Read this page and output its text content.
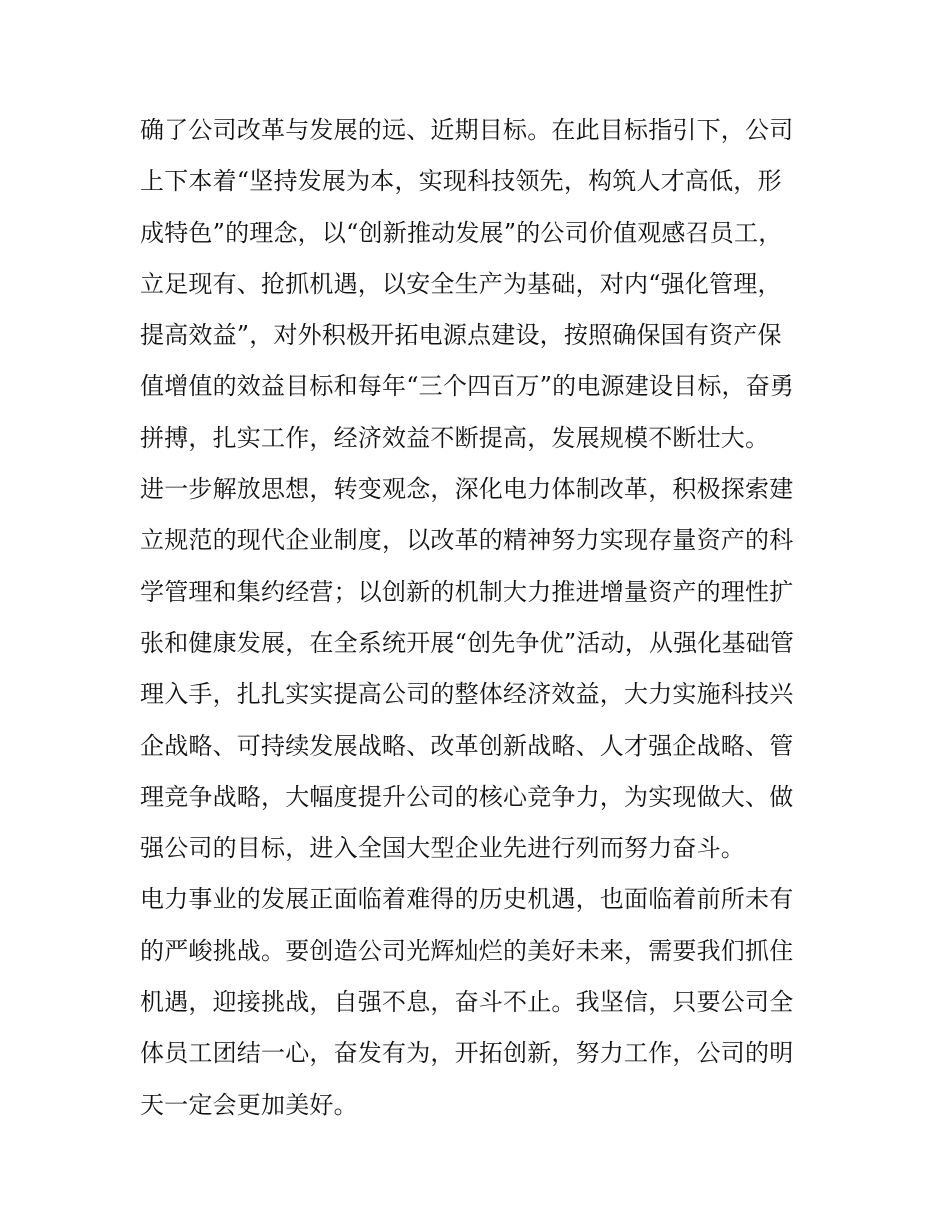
确了公司改革与发展的远、近期目标。在此目标指引下，公司
上下本着“坚持发展为本，实现科技领先，构筑人才高低，形
成特色”的理念，以“创新推动发展”的公司价值观感召员工，
立足现有、抢抓机遇，以安全生产为基础，对内“强化管理，
提高效益”，对外积极开拓电源点建设，按照确保国有资产保
值增值的效益目标和每年“三个四百万”的电源建设目标，奋勇
拼搏，扎实工作，经济效益不断提高，发展规模不断壮大。
进一步解放思想，转变观念，深化电力体制改革，积极探索建
立规范的现代企业制度，以改革的精神努力实现存量资产的科
学管理和集约经营；以创新的机制大力推进增量资产的理性扩
张和健康发展，在全系统开展“创先争优”活动，从强化基础管
理入手，扎扎实实提高公司的整体经济效益，大力实施科技兴
企战略、可持续发展战略、改革创新战略、人才强企战略、管
理竞争战略，大幅度提升公司的核心竞争力，为实现做大、做
强公司的目标，进入全国大型企业先进行列而努力奋斗。
电力事业的发展正面临着难得的历史机遇，也面临着前所未有
的严峻挑战。要创造公司光辉灿烂的美好未来，需要我们抓住
机遇，迎接挑战，自强不息，奋斗不止。我坚信，只要公司全
体员工团结一心，奋发有为，开拓创新，努力工作，公司的明
天一定会更加美好。
